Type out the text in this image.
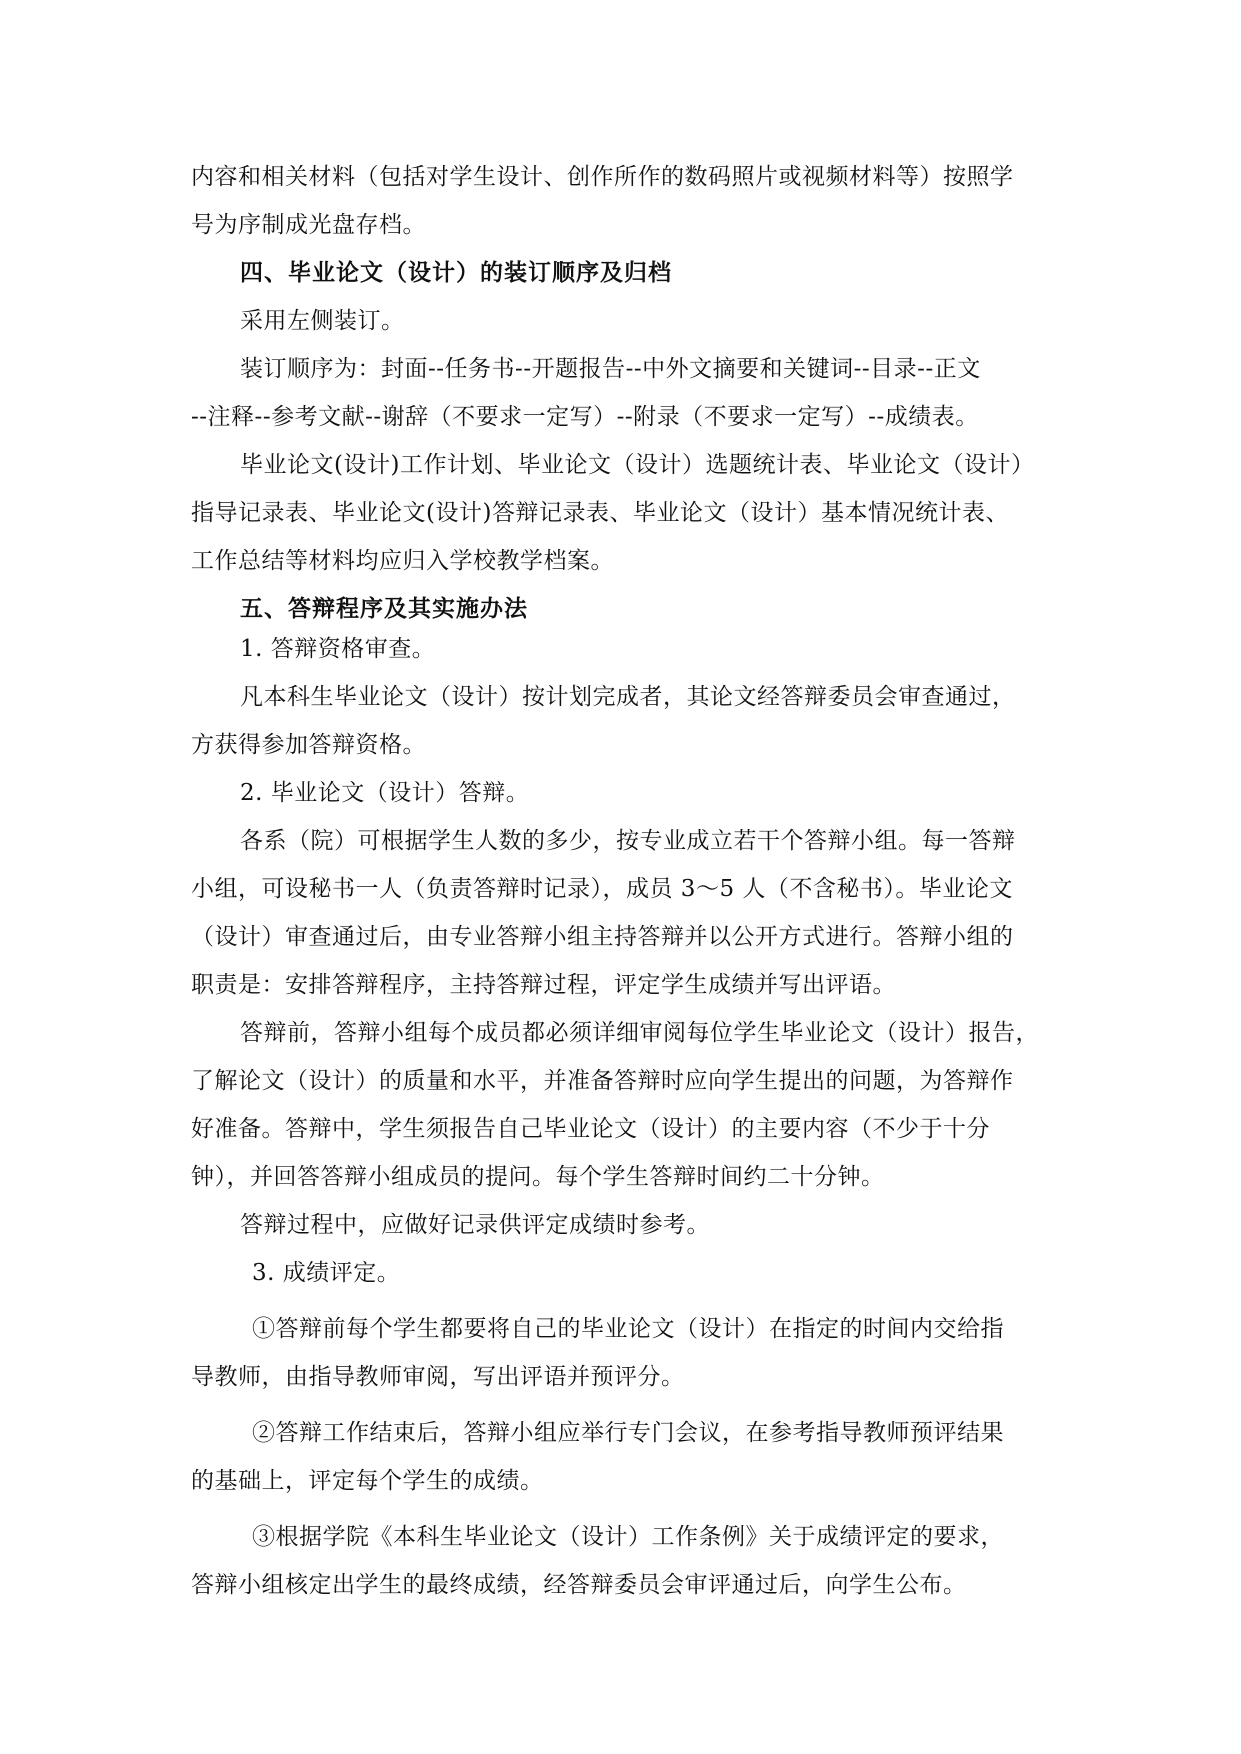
内容和相关材料（包括对学生设计、创作所作的数码照片或视频材料等）按照学
号为序制成光盘存档。
四、毕业论文（设计）的装订顺序及归档
采用左侧装订。
装订顺序为：封面--任务书--开题报告--中外文摘要和关键词--目录--正文
--注释--参考文献--谢辞（不要求一定写）--附录（不要求一定写）--成绩表。
毕业论文(设计)工作计划、毕业论文（设计）选题统计表、毕业论文（设计）
指导记录表、毕业论文(设计)答辩记录表、毕业论文（设计）基本情况统计表、
工作总结等材料均应归入学校教学档案。
五、答辩程序及其实施办法
1. 答辩资格审查。
凡本科生毕业论文（设计）按计划完成者，其论文经答辩委员会审查通过，
方获得参加答辩资格。
2. 毕业论文（设计）答辩。
各系（院）可根据学生人数的多少，按专业成立若干个答辩小组。每一答辩
小组，可设秘书一人（负责答辩时记录），成员 3～5 人（不含秘书）。毕业论文
（设计）审查通过后，由专业答辩小组主持答辩并以公开方式进行。答辩小组的
职责是：安排答辩程序，主持答辩过程，评定学生成绩并写出评语。
答辩前，答辩小组每个成员都必须详细审阅每位学生毕业论文（设计）报告，
了解论文（设计）的质量和水平，并准备答辩时应向学生提出的问题，为答辩作
好准备。答辩中，学生须报告自己毕业论文（设计）的主要内容（不少于十分
钟），并回答答辩小组成员的提问。每个学生答辩时间约二十分钟。
答辩过程中，应做好记录供评定成绩时参考。
3. 成绩评定。
①答辩前每个学生都要将自己的毕业论文（设计）在指定的时间内交给指
导教师，由指导教师审阅，写出评语并预评分。
②答辩工作结束后，答辩小组应举行专门会议，在参考指导教师预评结果
的基础上，评定每个学生的成绩。
③根据学院《本科生毕业论文（设计）工作条例》关于成绩评定的要求，
答辩小组核定出学生的最终成绩，经答辩委员会审评通过后，向学生公布。
